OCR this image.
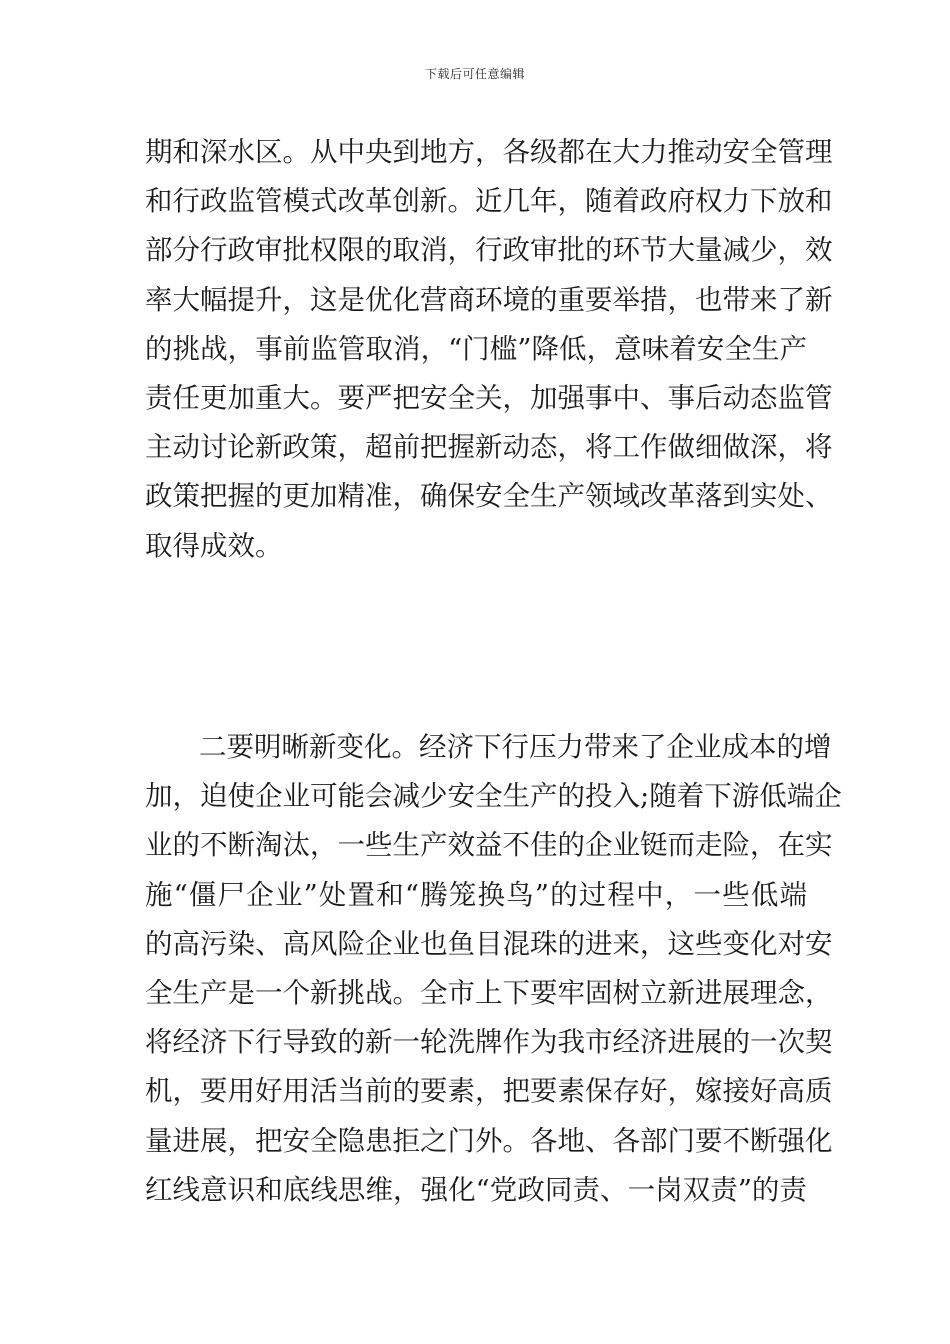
下载后可任意编辑
期和深水区。从中央到地方，各级都在大力推动安全管理
和行政监管模式改革创新。近几年，随着政府权力下放和
部分行政审批权限的取消，行政审批的环节大量减少，效
率大幅提升，这是优化营商环境的重要举措，也带来了新
的挑战，事前监管取消，“门槛”降低，意味着安全生产
责任更加重大。要严把安全关，加强事中、事后动态监管
主动讨论新政策，超前把握新动态，将工作做细做深，将
政策把握的更加精准，确保安全生产领域改革落到实处、
取得成效。
二要明晰新变化。经济下行压力带来了企业成本的增
加，迫使企业可能会减少安全生产的投入;随着下游低端企
业的不断淘汰，一些生产效益不佳的企业铤而走险，在实
施“僵尸企业”处置和“腾笼换鸟”的过程中，一些低端
的高污染、高风险企业也鱼目混珠的进来，这些变化对安
全生产是一个新挑战。全市上下要牢固树立新进展理念，
将经济下行导致的新一轮洗牌作为我市经济进展的一次契
机，要用好用活当前的要素，把要素保存好，嫁接好高质
量进展，把安全隐患拒之门外。各地、各部门要不断强化
红线意识和底线思维，强化“党政同责、一岗双责”的责
